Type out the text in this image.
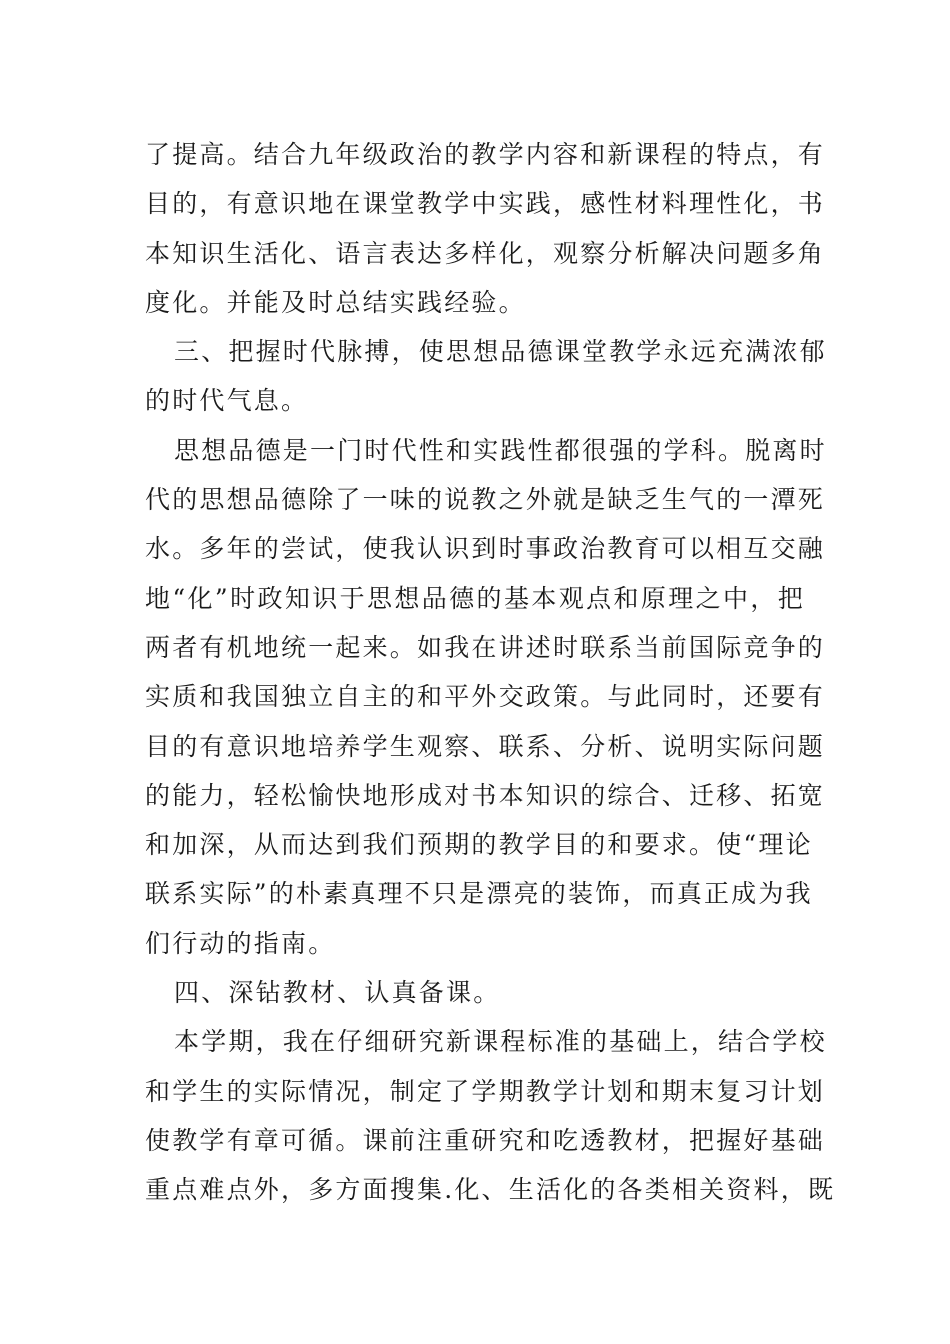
了提高。结合九年级政治的教学内容和新课程的特点，有
目的，有意识地在课堂教学中实践，感性材料理性化，书
本知识生活化、语言表达多样化，观察分析解决问题多角
度化。并能及时总结实践经验。

三、把握时代脉搏，使思想品德课堂教学永远充满浓郁
的时代气息。

思想品德是一门时代性和实践性都很强的学科。脱离时
代的思想品德除了一味的说教之外就是缺乏生气的一潭死
水。多年的尝试，使我认识到时事政治教育可以相互交融
地“化”时政知识于思想品德的基本观点和原理之中，把
两者有机地统一起来。如我在讲述时联系当前国际竞争的
实质和我国独立自主的和平外交政策。与此同时，还要有
目的有意识地培养学生观察、联系、分析、说明实际问题
的能力，轻松愉快地形成对书本知识的综合、迁移、拓宽
和加深，从而达到我们预期的教学目的和要求。使“理论
联系实际”的朴素真理不只是漂亮的装饰，而真正成为我
们行动的指南。

四、深钻教材、认真备课。

本学期，我在仔细研究新课程标准的基础上，结合学校
和学生的实际情况，制定了学期教学计划和期末复习计划
使教学有章可循。课前注重研究和吃透教材，把握好基础
重点难点外，多方面搜集.化、生活化的各类相关资料，既
